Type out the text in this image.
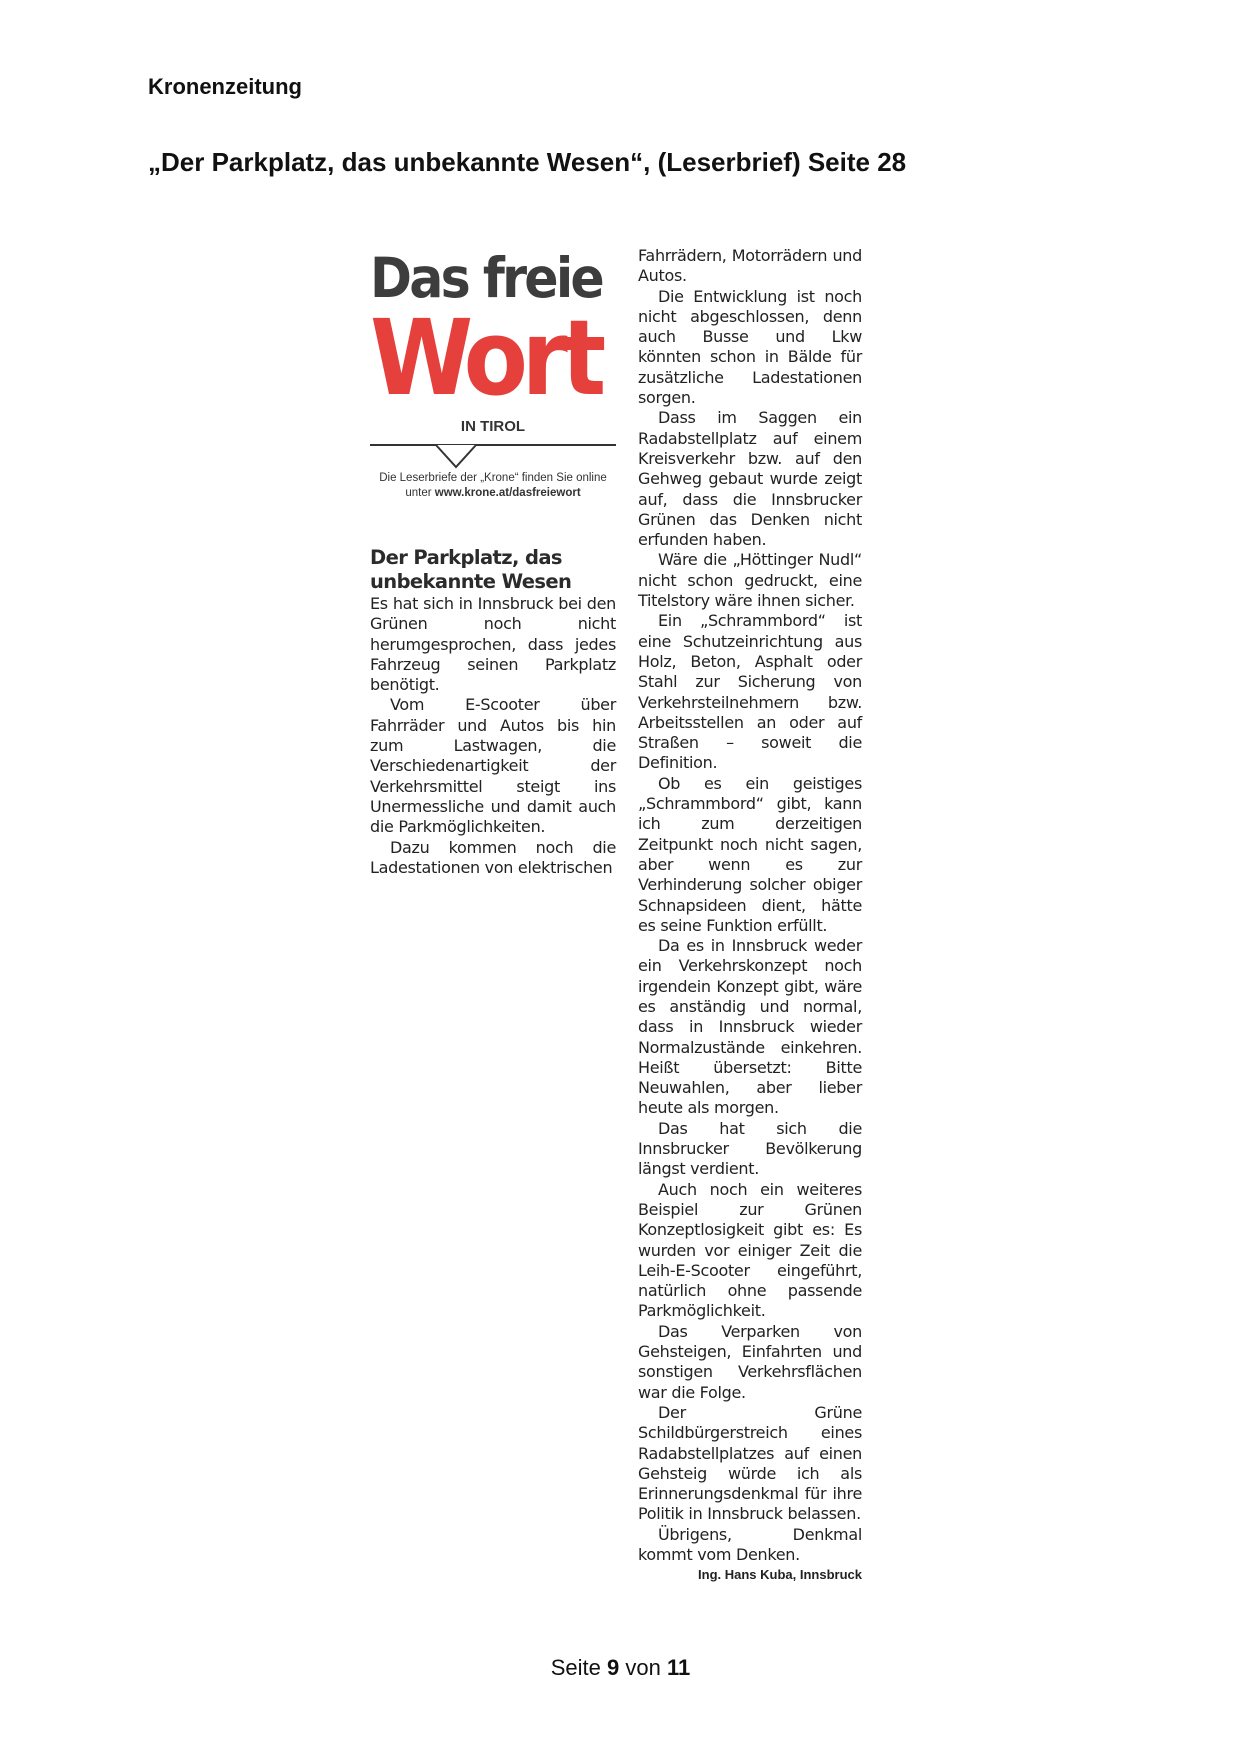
Kronenzeitung
„Der Parkplatz, das unbekannte Wesen“, (Leserbrief) Seite 28
Das freie
Wort
IN TIROL
Die Leserbriefe der „Krone“ finden Sie online unter www.krone.at/dasfreiewort
Der Parkplatz, das unbekannte Wesen

Es hat sich in Innsbruck bei den Grünen noch nicht herumgesprochen, dass jedes Fahrzeug seinen Parkplatz benötigt.

Vom E-Scooter über Fahrräder und Autos bis hin zum Lastwagen, die Verschiedenartigkeit der Verkehrsmittel steigt ins Unermessliche und damit auch die Parkmöglichkeiten.

Dazu kommen noch die Ladestationen von elektrischen

Fahrrädern, Motorrädern und Autos.

Die Entwicklung ist noch nicht abgeschlossen, denn auch Busse und Lkw könnten schon in Bälde für zusätzliche Ladestationen sorgen.

Dass im Saggen ein Radabstellplatz auf einem Kreisverkehr bzw. auf den Gehweg gebaut wurde zeigt auf, dass die Innsbrucker Grünen das Denken nicht erfunden haben.

Wäre die „Höttinger Nudl“ nicht schon gedruckt, eine Titelstory wäre ihnen sicher.

Ein „Schrammbord“ ist eine Schutzeinrichtung aus Holz, Beton, Asphalt oder Stahl zur Sicherung von Verkehrsteilnehmern bzw. Arbeitsstellen an oder auf Straßen – soweit die Definition.

Ob es ein geistiges „Schrammbord“ gibt, kann ich zum derzeitigen Zeitpunkt noch nicht sagen, aber wenn es zur Verhinderung solcher obiger Schnapsideen dient, hätte es seine Funktion erfüllt.

Da es in Innsbruck weder ein Verkehrskonzept noch irgendein Konzept gibt, wäre es anständig und normal, dass in Innsbruck wieder Normalzustände einkehren. Heißt übersetzt: Bitte Neuwahlen, aber lieber heute als morgen.

Das hat sich die Innsbrucker Bevölkerung längst verdient.

Auch noch ein weiteres Beispiel zur Grünen Konzeptlosigkeit gibt es: Es wurden vor einiger Zeit die Leih-E-Scooter eingeführt, natürlich ohne passende Parkmöglichkeit.

Das Verparken von Gehsteigen, Einfahrten und sonstigen Verkehrsflächen war die Folge.

Der Grüne Schildbürgerstreich eines Radabstellplatzes auf einen Gehsteig würde ich als Erinnerungsdenkmal für ihre Politik in Innsbruck belassen.

Übrigens, Denkmal kommt vom Denken.

Ing. Hans Kuba, Innsbruck
Seite 9 von 11
